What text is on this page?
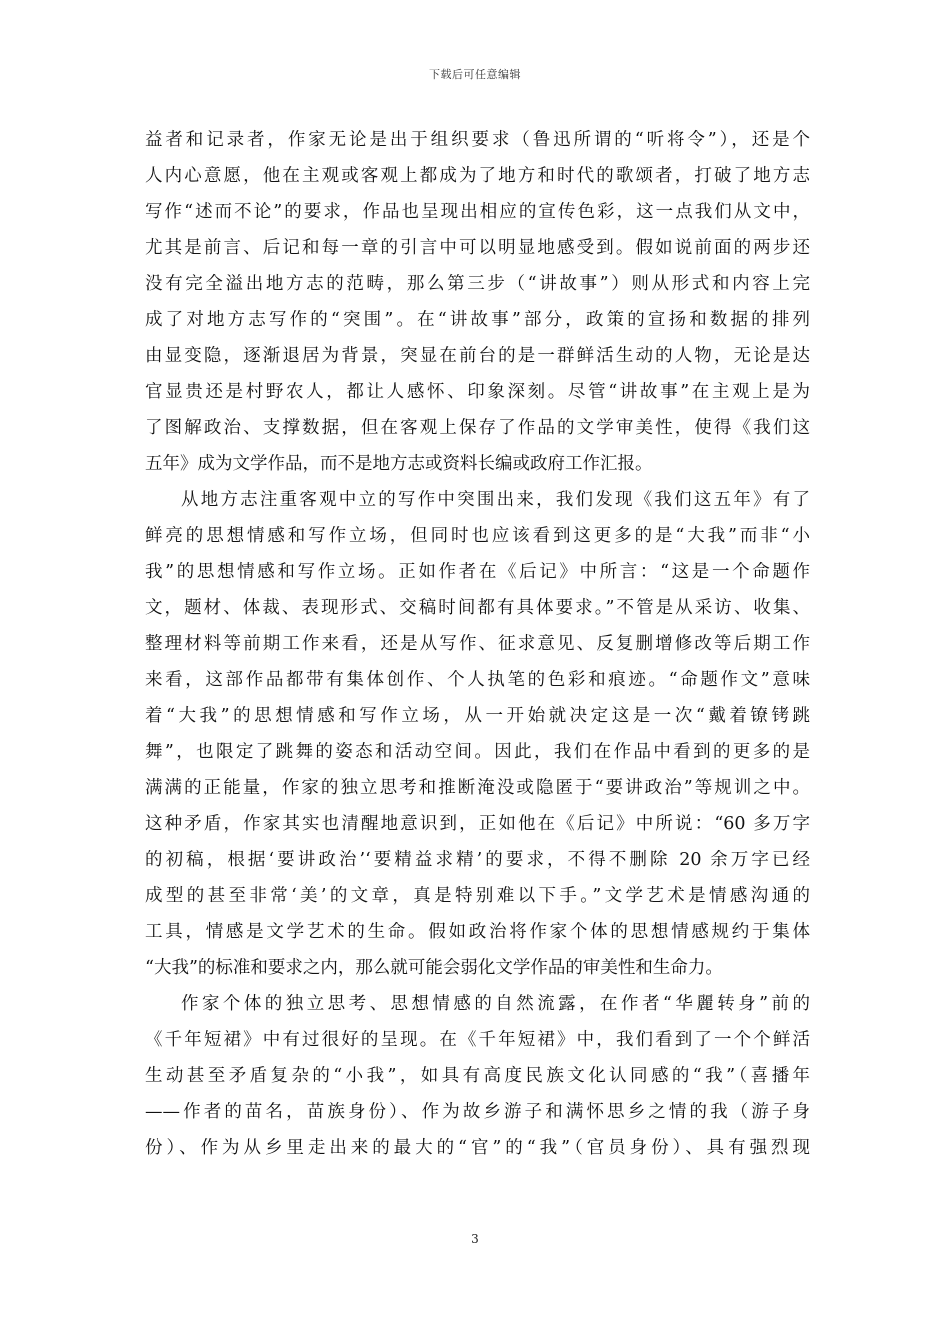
下载后可任意编辑
益者和记录者，作家无论是出于组织要求（鲁迅所谓的“听将令”），还是个
人内心意愿，他在主观或客观上都成为了地方和时代的歌颂者，打破了地方志
写作“述而不论”的要求，作品也呈现出相应的宣传色彩，这一点我们从文中，
尤其是前言、后记和每一章的引言中可以明显地感受到。假如说前面的两步还
没有完全溢出地方志的范畴，那么第三步（“讲故事”）则从形式和内容上完
成了对地方志写作的“突围”。在“讲故事”部分，政策的宣扬和数据的排列
由显变隐，逐渐退居为背景，突显在前台的是一群鲜活生动的人物，无论是达
官显贵还是村野农人，都让人感怀、印象深刻。尽管“讲故事”在主观上是为
了图解政治、支撑数据，但在客观上保存了作品的文学审美性，使得《我们这
五年》成为文学作品，而不是地方志或资料长编或政府工作汇报。
从地方志注重客观中立的写作中突围出来，我们发现《我们这五年》有了
鲜亮的思想情感和写作立场，但同时也应该看到这更多的是“大我”而非“小
我”的思想情感和写作立场。正如作者在《后记》中所言：“这是一个命题作
文，题材、体裁、表现形式、交稿时间都有具体要求。”不管是从采访、收集、
整理材料等前期工作来看，还是从写作、征求意见、反复删增修改等后期工作
来看，这部作品都带有集体创作、个人执笔的色彩和痕迹。“命题作文”意味
着“大我”的思想情感和写作立场，从一开始就决定这是一次“戴着镣铐跳
舞”，也限定了跳舞的姿态和活动空间。因此，我们在作品中看到的更多的是
满满的正能量，作家的独立思考和推断淹没或隐匿于“要讲政治”等规训之中。
这种矛盾，作家其实也清醒地意识到，正如他在《后记》中所说：“60 多万字
的初稿，根据‘要讲政治’‘要精益求精’的要求，不得不删除 20 余万字已经
成型的甚至非常‘美’的文章，真是特别难以下手。”文学艺术是情感沟通的
工具，情感是文学艺术的生命。假如政治将作家个体的思想情感规约于集体
“大我”的标准和要求之内，那么就可能会弱化文学作品的审美性和生命力。
作家个体的独立思考、思想情感的自然流露，在作者“华麗转身”前的
《千年短裙》中有过很好的呈现。在《千年短裙》中，我们看到了一个个鲜活
生动甚至矛盾复杂的“小我”，如具有高度民族文化认同感的“我”（喜播年
——作者的苗名，苗族身份）、作为故乡游子和满怀思乡之情的我（游子身
份）、作为从乡里走出来的最大的“官”的“我”（官员身份）、具有强烈现
3
